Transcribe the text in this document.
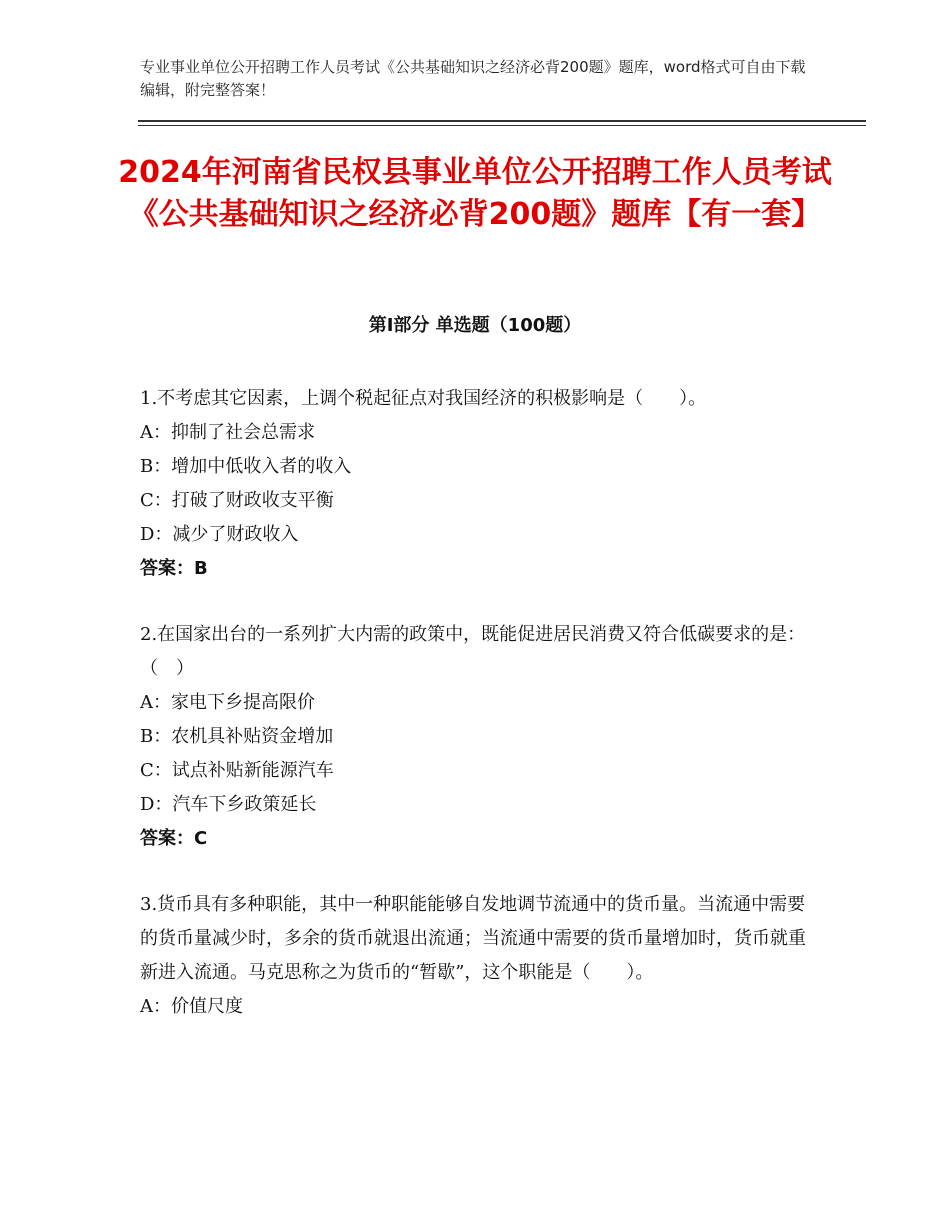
专业事业单位公开招聘工作人员考试《公共基础知识之经济必背200题》题库，word格式可自由下载编辑，附完整答案！
2024年河南省民权县事业单位公开招聘工作人员考试《公共基础知识之经济必背200题》题库【有一套】
第Ⅰ部分 单选题（100题）

1.不考虑其它因素，上调个税起征点对我国经济的积极影响是（　　）。

A：抑制了社会总需求

B：增加中低收入者的收入

C：打破了财政收支平衡

D：减少了财政收入

答案：B

2.在国家出台的一系列扩大内需的政策中，既能促进居民消费又符合低碳要求的是：（　）

A：家电下乡提高限价

B：农机具补贴资金增加

C：试点补贴新能源汽车

D：汽车下乡政策延长

答案：C

3.货币具有多种职能，其中一种职能能够自发地调节流通中的货币量。当流通中需要的货币量减少时，多余的货币就退出流通；当流通中需要的货币量增加时，货币就重新进入流通。马克思称之为货币的“暂歇”，这个职能是（　　）。

A：价值尺度
